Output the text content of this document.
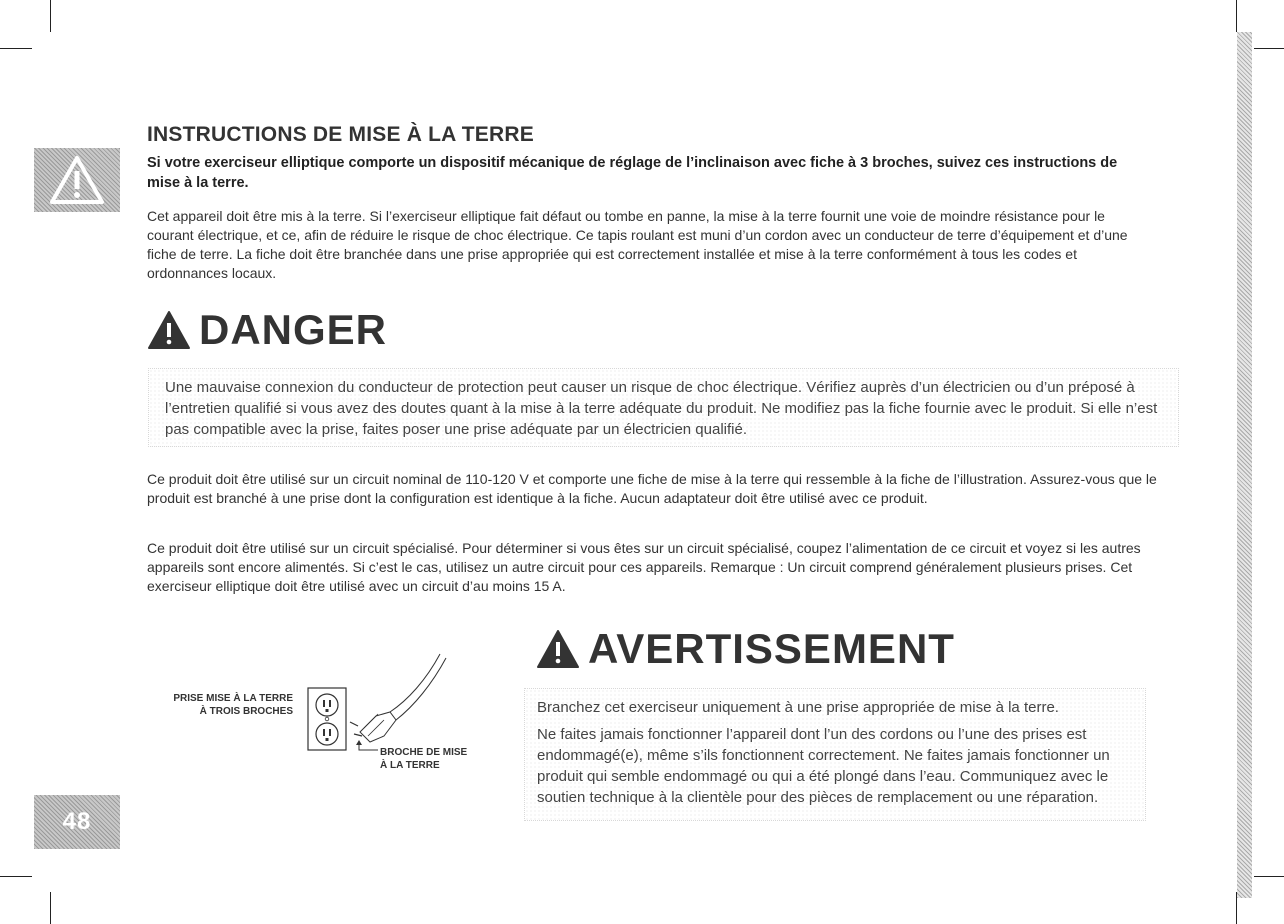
INSTRUCTIONS DE MISE À LA TERRE

Si votre exerciseur elliptique comporte un dispositif mécanique de réglage de l’inclinaison avec fiche à 3 broches, suivez ces instructions de mise à la terre.

Cet appareil doit être mis à la terre. Si l’exerciseur elliptique fait défaut ou tombe en panne, la mise à la terre fournit une voie de moindre résistance pour le courant électrique, et ce, afin de réduire le risque de choc électrique. Ce tapis roulant est muni d’un cordon avec un conducteur de terre d’équipement et d’une fiche de terre. La fiche doit être branchée dans une prise appropriée qui est correctement installée et mise à la terre conformément à tous les codes et ordonnances locaux.

DANGER

Une mauvaise connexion du conducteur de protection peut causer un risque de choc électrique. Vérifiez auprès d’un électricien ou d’un préposé à l’entretien qualifié si vous avez des doutes quant à la mise à la terre adéquate du produit. Ne modifiez pas la fiche fournie avec le produit. Si elle n’est pas compatible avec la prise, faites poser une prise adéquate par un électricien qualifié.

Ce produit doit être utilisé sur un circuit nominal de 110-120 V et comporte une fiche de mise à la terre qui ressemble à la fiche de l’illustration. Assurez-vous que le produit est branché à une prise dont la configuration est identique à la fiche. Aucun adaptateur doit être utilisé avec ce produit.

Ce produit doit être utilisé sur un circuit spécialisé. Pour déterminer si vous êtes sur un circuit spécialisé, coupez l’alimentation de ce circuit et voyez si les autres appareils sont encore alimentés. Si c’est le cas, utilisez un autre circuit pour ces appareils. Remarque : Un circuit comprend généralement plusieurs prises. Cet exerciseur elliptique doit être utilisé avec un circuit d’au moins 15 A.

PRISE MISE À LA TERRE
À TROIS BROCHES

BROCHE DE MISE
À LA TERRE

AVERTISSEMENT

Branchez cet exerciseur uniquement à une prise appropriée de mise à la terre.

Ne faites jamais fonctionner l’appareil dont l’un des cordons ou l’une des prises est endommagé(e), même s’ils fonctionnent correctement. Ne faites jamais fonctionner un produit qui semble endommagé ou qui a été plongé dans l’eau. Communiquez avec le soutien technique à la clientèle pour des pièces de remplacement ou une réparation.

48
